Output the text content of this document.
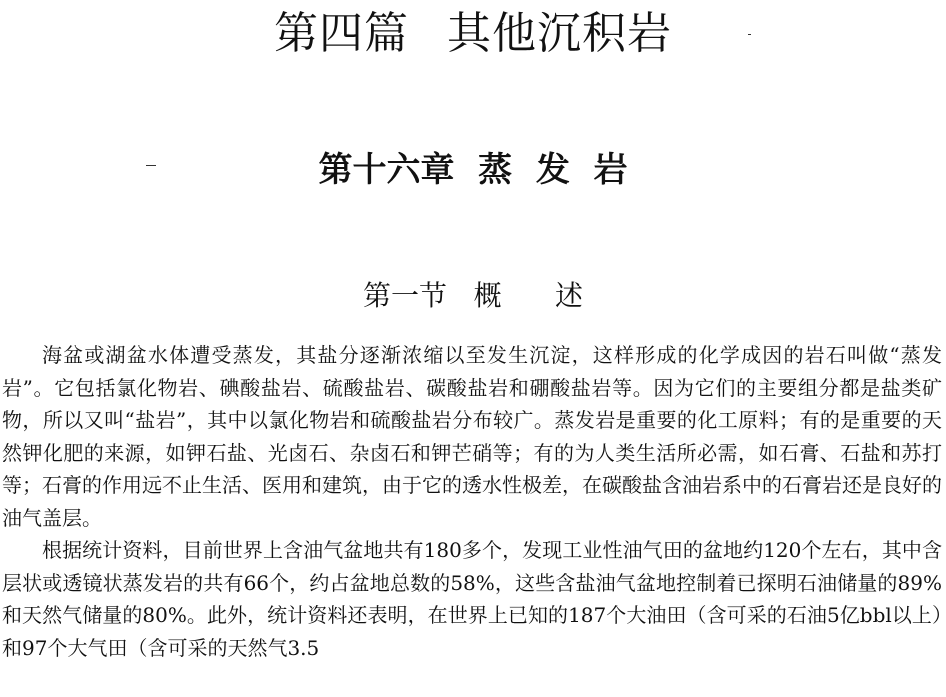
第四篇 其他沉积岩
第十六章  蒸  发  岩
第一节   概      述

海盆或湖盆水体遭受蒸发，其盐分逐渐浓缩以至发生沉淀，这样形成的化学成因的岩石叫做“蒸发岩”。它包括氯化物岩、碘酸盐岩、硫酸盐岩、碳酸盐岩和硼酸盐岩等。因为它们的主要组分都是盐类矿物，所以又叫“盐岩”，其中以氯化物岩和硫酸盐岩分布较广。蒸发岩是重要的化工原料；有的是重要的天然钾化肥的来源，如钾石盐、光卤石、杂卤石和钾芒硝等；有的为人类生活所必需，如石膏、石盐和苏打等；石膏的作用远不止生活、医用和建筑，由于它的透水性极差，在碳酸盐含油岩系中的石膏岩还是良好的油气盖层。

根据统计资料，目前世界上含油气盆地共有180多个，发现工业性油气田的盆地约120个左右，其中含层状或透镜状蒸发岩的共有66个，约占盆地总数的58%，这些含盐油气盆地控制着已探明石油储量的89%和天然气储量的80%。此外，统计资料还表明，在世界上已知的187个大油田（含可采的石油5亿bbl以上）和97个大气田（含可采的天然气3.5
